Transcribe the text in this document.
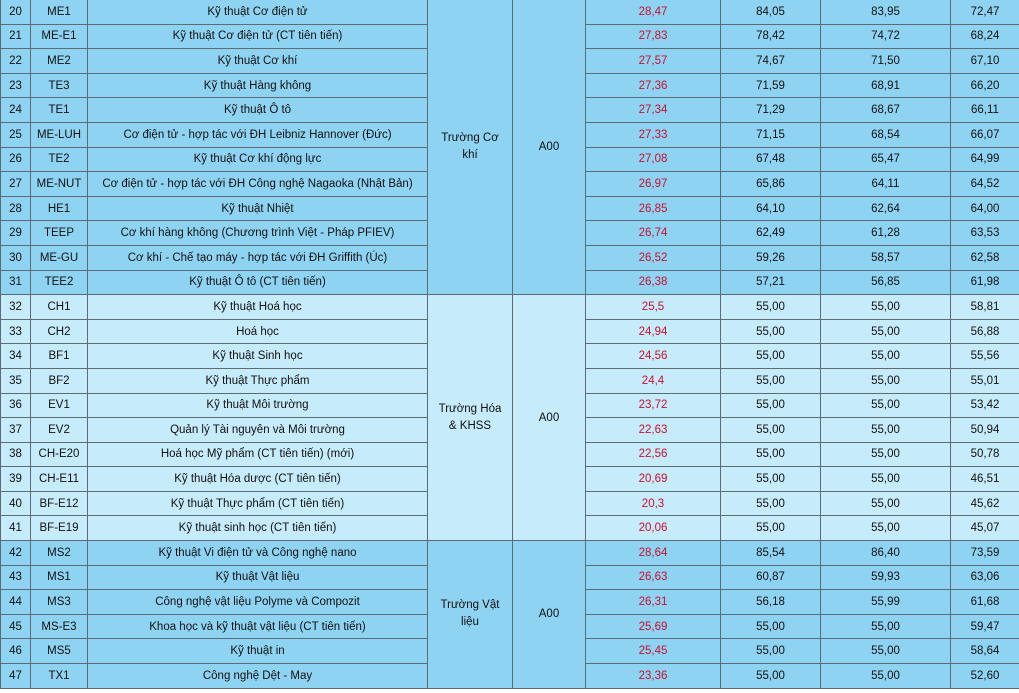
20	ME1	Kỹ thuật Cơ điện tử	Trường Cơ khí	A00	28,47	84,05	83,95	72,47
21	ME-E1	Kỹ thuật Cơ điện tử (CT tiên tiến)			27,83	78,42	74,72	68,24
22	ME2	Kỹ thuật Cơ khí			27,57	74,67	71,50	67,10
23	TE3	Kỹ thuật Hàng không			27,36	71,59	68,91	66,20
24	TE1	Kỹ thuật Ô tô			27,34	71,29	68,67	66,11
25	ME-LUH	Cơ điện tử - hợp tác với ĐH Leibniz Hannover (Đức)			27,33	71,15	68,54	66,07
26	TE2	Kỹ thuật Cơ khí động lực			27,08	67,48	65,47	64,99
27	ME-NUT	Cơ điện tử - hợp tác với ĐH Công nghệ Nagaoka (Nhật Bản)			26,97	65,86	64,11	64,52
28	HE1	Kỹ thuật Nhiệt			26,85	64,10	62,64	64,00
29	TEEP	Cơ khí hàng không (Chương trình Việt - Pháp PFIEV)			26,74	62,49	61,28	63,53
30	ME-GU	Cơ khí - Chế tạo máy - hợp tác với ĐH Griffith (Úc)			26,52	59,26	58,57	62,58
31	TEE2	Kỹ thuật Ô tô (CT tiên tiến)			26,38	57,21	56,85	61,98
32	CH1	Kỹ thuật Hoá học	Trường Hóa & KHSS	A00	25,5	55,00	55,00	58,81
33	CH2	Hoá học			24,94	55,00	55,00	56,88
34	BF1	Kỹ thuật Sinh học			24,56	55,00	55,00	55,56
35	BF2	Kỹ thuật Thực phẩm			24,4	55,00	55,00	55,01
36	EV1	Kỹ thuật Môi trường			23,72	55,00	55,00	53,42
37	EV2	Quản lý Tài nguyên và Môi trường			22,63	55,00	55,00	50,94
38	CH-E20	Hoá học Mỹ phẩm (CT tiên tiến) (mới)			22,56	55,00	55,00	50,78
39	CH-E11	Kỹ thuật Hóa dược (CT tiên tiến)			20,69	55,00	55,00	46,51
40	BF-E12	Kỹ thuật Thực phẩm (CT tiên tiến)			20,3	55,00	55,00	45,62
41	BF-E19	Kỹ thuật sinh học (CT tiên tiến)			20,06	55,00	55,00	45,07
42	MS2	Kỹ thuật Vi điện tử và Công nghệ nano	Trường Vật liệu	A00	28,64	85,54	86,40	73,59
43	MS1	Kỹ thuật Vật liệu			26,63	60,87	59,93	63,06
44	MS3	Công nghệ vật liệu Polyme và Compozit			26,31	56,18	55,99	61,68
45	MS-E3	Khoa học và kỹ thuật vật liệu (CT tiên tiến)			25,69	55,00	55,00	59,47
46	MS5	Kỹ thuật in			25,45	55,00	55,00	58,64
47	TX1	Công nghệ Dệt - May			23,36	55,00	55,00	52,60
